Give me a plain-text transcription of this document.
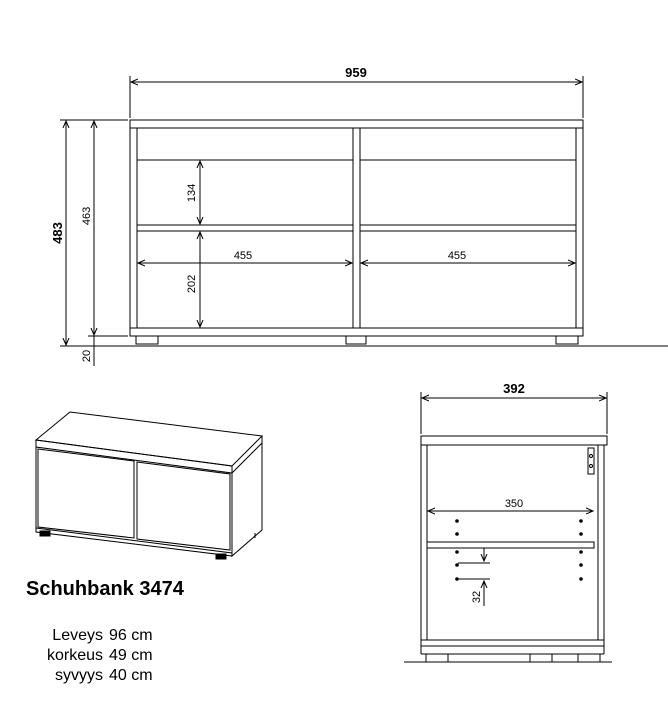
959
483
463
20
134
202
455	455
392
350
32
Schuhbank 3474
Leveys 96 cm
korkeus 49 cm
syvyys 40 cm
